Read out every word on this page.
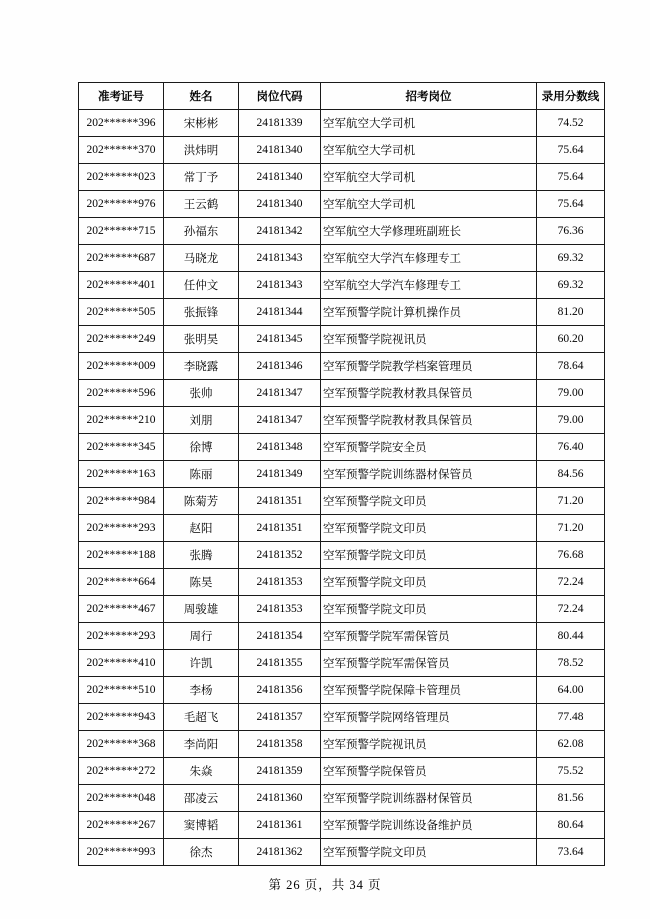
准考证号	姓名	岗位代码	招考岗位	录用分数线
202******396	宋彬彬	24181339	空军航空大学司机	74.52
202******370	洪炜明	24181340	空军航空大学司机	75.64
202******023	常丁予	24181340	空军航空大学司机	75.64
202******976	王云鹤	24181340	空军航空大学司机	75.64
202******715	孙福东	24181342	空军航空大学修理班副班长	76.36
202******687	马晓龙	24181343	空军航空大学汽车修理专工	69.32
202******401	任仲文	24181343	空军航空大学汽车修理专工	69.32
202******505	张振锋	24181344	空军预警学院计算机操作员	81.20
202******249	张明昊	24181345	空军预警学院视讯员	60.20
202******009	李晓露	24181346	空军预警学院教学档案管理员	78.64
202******596	张帅	24181347	空军预警学院教材教具保管员	79.00
202******210	刘朋	24181347	空军预警学院教材教具保管员	79.00
202******345	徐博	24181348	空军预警学院安全员	76.40
202******163	陈丽	24181349	空军预警学院训练器材保管员	84.56
202******984	陈菊芳	24181351	空军预警学院文印员	71.20
202******293	赵阳	24181351	空军预警学院文印员	71.20
202******188	张腾	24181352	空军预警学院文印员	76.68
202******664	陈昊	24181353	空军预警学院文印员	72.24
202******467	周骏雄	24181353	空军预警学院文印员	72.24
202******293	周行	24181354	空军预警学院军需保管员	80.44
202******410	许凯	24181355	空军预警学院军需保管员	78.52
202******510	李杨	24181356	空军预警学院保障卡管理员	64.00
202******943	毛超飞	24181357	空军预警学院网络管理员	77.48
202******368	李尚阳	24181358	空军预警学院视讯员	62.08
202******272	朱焱	24181359	空军预警学院保管员	75.52
202******048	邵凌云	24181360	空军预警学院训练器材保管员	81.56
202******267	窦博韬	24181361	空军预警学院训练设备维护员	80.64
202******993	徐杰	24181362	空军预警学院文印员	73.64
第 26 页，共 34 页
